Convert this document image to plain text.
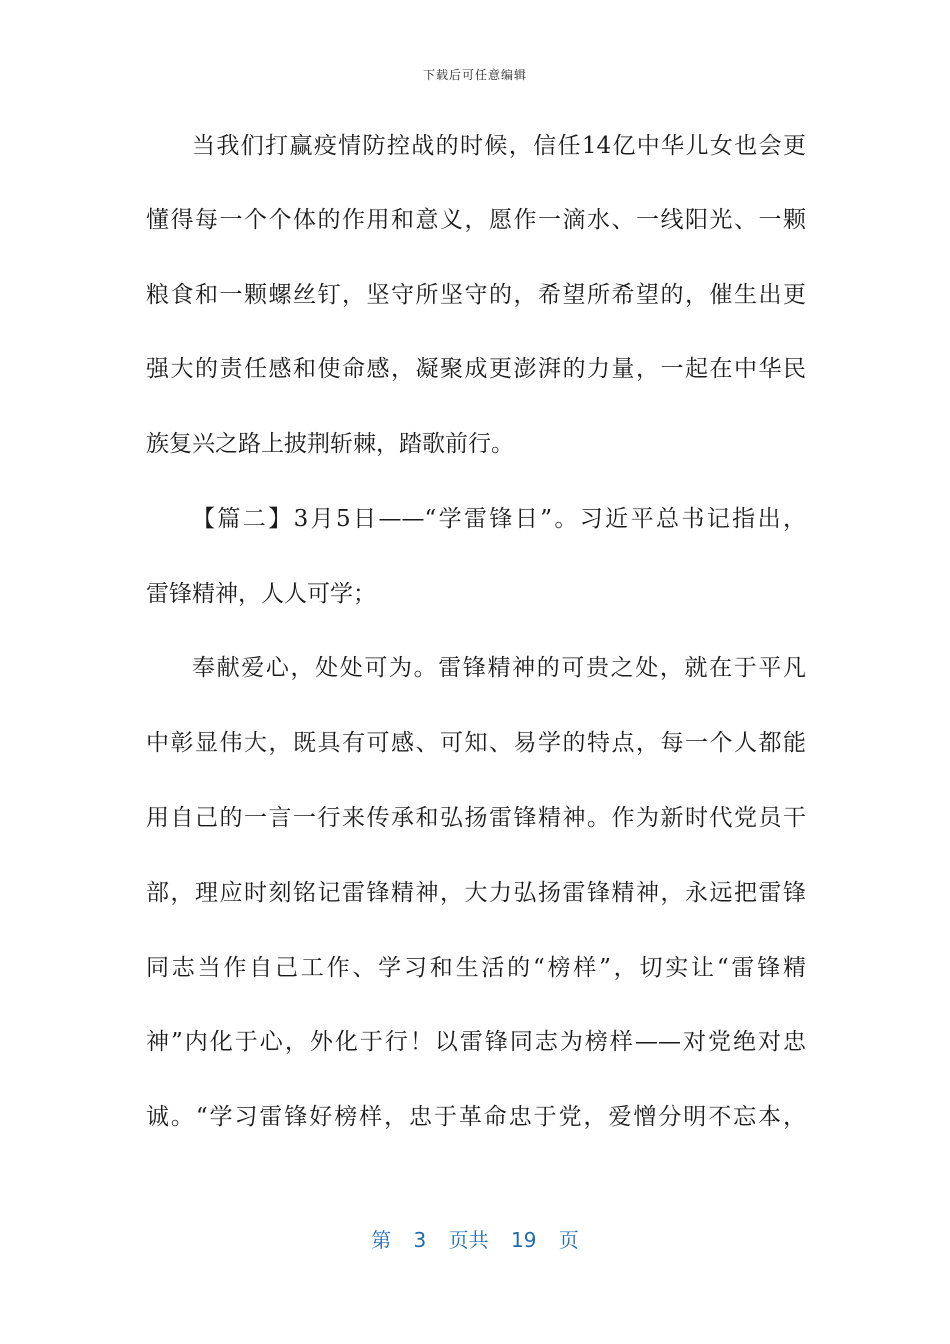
下载后可任意编辑
当我们打赢疫情防控战的时候，信任14亿中华儿女也会更
懂得每一个个体的作用和意义，愿作一滴水、一线阳光、一颗
粮食和一颗螺丝钉，坚守所坚守的，希望所希望的，催生出更
强大的责任感和使命感，凝聚成更澎湃的力量，一起在中华民
族复兴之路上披荆斩棘，踏歌前行。
【篇二】3月5日——“学雷锋日”。习近平总书记指出，
雷锋精神，人人可学；
奉献爱心，处处可为。雷锋精神的可贵之处，就在于平凡
中彰显伟大，既具有可感、可知、易学的特点，每一个人都能
用自己的一言一行来传承和弘扬雷锋精神。作为新时代党员干
部，理应时刻铭记雷锋精神，大力弘扬雷锋精神，永远把雷锋
同志当作自己工作、学习和生活的“榜样”，切实让“雷锋精
神”内化于心，外化于行！以雷锋同志为榜样——对党绝对忠
诚。“学习雷锋好榜样，忠于革命忠于党，爱憎分明不忘本，
第 3 页共 19 页
